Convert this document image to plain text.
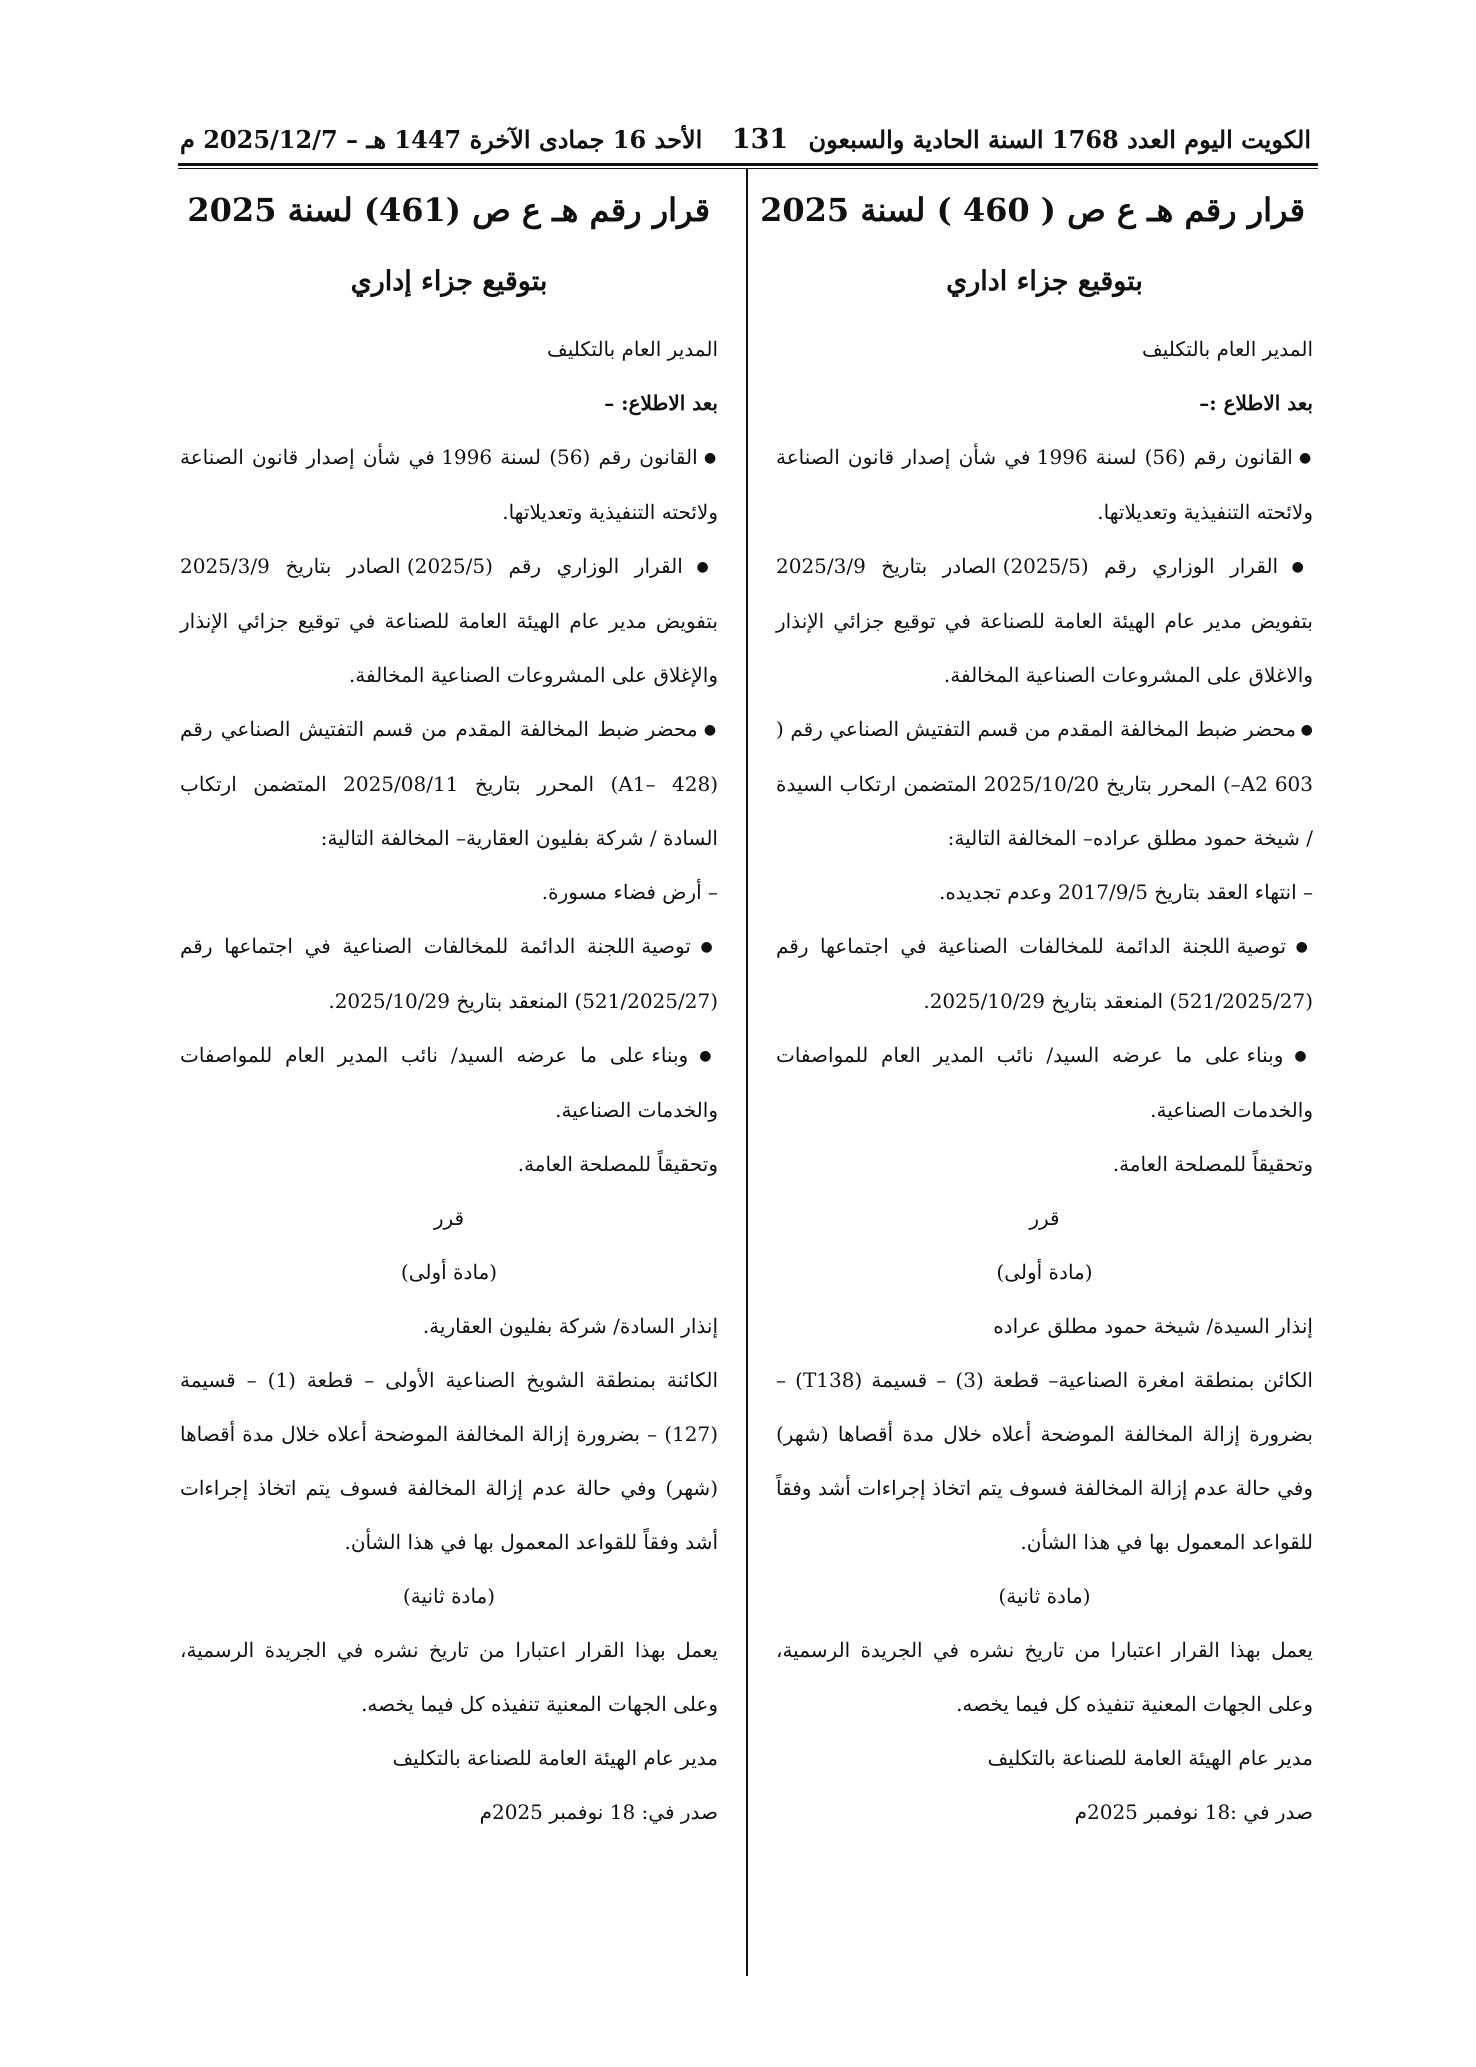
الكويت اليوم العدد 1768 السنة الحادية والسبعون
131
الأحد 16 جمادى الآخرة 1447 هـ – 2025/12/7 م
قرار رقم هـ ع ص ( 460 ) لسنة 2025
بتوقيع جزاء اداري

المدير العام بالتكليف

بعد الاطلاع :–

● القانون رقم (56) لسنة 1996 في شأن إصدار قانون الصناعة ولائحته التنفيذية وتعديلاتها.

● القرار الوزاري رقم (2025/5) الصادر بتاريخ 2025/3/9 بتفويض مدير عام الهيئة العامة للصناعة في توقيع جزائي الإنذار والاغلاق على المشروعات الصناعية المخالفة.

● محضر ضبط المخالفة المقدم من قسم التفتيش الصناعي رقم ( A2 603–) المحرر بتاريخ 2025/10/20 المتضمن ارتكاب السيدة / شيخة حمود مطلق عراده– المخالفة التالية:

– انتهاء العقد بتاريخ 2017/9/5 وعدم تجديده.

● توصية اللجنة الدائمة للمخالفات الصناعية في اجتماعها رقم (521/2025/27) المنعقد بتاريخ 2025/10/29.

● وبناء على ما عرضه السيد/ نائب المدير العام للمواصفات والخدمات الصناعية.

وتحقيقاً للمصلحة العامة.

قرر

(مادة أولى)

إنذار السيدة/ شيخة حمود مطلق عراده

الكائن بمنطقة امغرة الصناعية– قطعة (3) – قسيمة (T138) – بضرورة إزالة المخالفة الموضحة أعلاه خلال مدة أقصاها (شهر) وفي حالة عدم إزالة المخالفة فسوف يتم اتخاذ إجراءات أشد وفقاً للقواعد المعمول بها في هذا الشأن.

(مادة ثانية)

يعمل بهذا القرار اعتبارا من تاريخ نشره في الجريدة الرسمية، وعلى الجهات المعنية تنفيذه كل فيما يخصه.

مدير عام الهيئة العامة للصناعة بالتكليف

صدر في :18 نوفمبر 2025م

قرار رقم هـ ع ص (461) لسنة 2025
بتوقيع جزاء إداري

المدير العام بالتكليف

بعد الاطلاع: –

● القانون رقم (56) لسنة 1996 في شأن إصدار قانون الصناعة ولائحته التنفيذية وتعديلاتها.

● القرار الوزاري رقم (2025/5) الصادر بتاريخ 2025/3/9 بتفويض مدير عام الهيئة العامة للصناعة في توقيع جزائي الإنذار والإغلاق على المشروعات الصناعية المخالفة.

● محضر ضبط المخالفة المقدم من قسم التفتيش الصناعي رقم (428 –A1) المحرر بتاريخ 2025/08/11 المتضمن ارتكاب السادة / شركة بفليون العقارية– المخالفة التالية:

– أرض فضاء مسورة.

● توصية اللجنة الدائمة للمخالفات الصناعية في اجتماعها رقم (521/2025/27) المنعقد بتاريخ 2025/10/29.

● وبناء على ما عرضه السيد/ نائب المدير العام للمواصفات والخدمات الصناعية.

وتحقيقاً للمصلحة العامة.

قرر

(مادة أولى)

إنذار السادة/ شركة بفليون العقارية.

الكائنة بمنطقة الشويخ الصناعية الأولى – قطعة (1) – قسيمة (127) – بضرورة إزالة المخالفة الموضحة أعلاه خلال مدة أقصاها (شهر) وفي حالة عدم إزالة المخالفة فسوف يتم اتخاذ إجراءات أشد وفقاً للقواعد المعمول بها في هذا الشأن.

(مادة ثانية)

يعمل بهذا القرار اعتبارا من تاريخ نشره في الجريدة الرسمية، وعلى الجهات المعنية تنفيذه كل فيما يخصه.

مدير عام الهيئة العامة للصناعة بالتكليف

صدر في: 18 نوفمبر 2025م
